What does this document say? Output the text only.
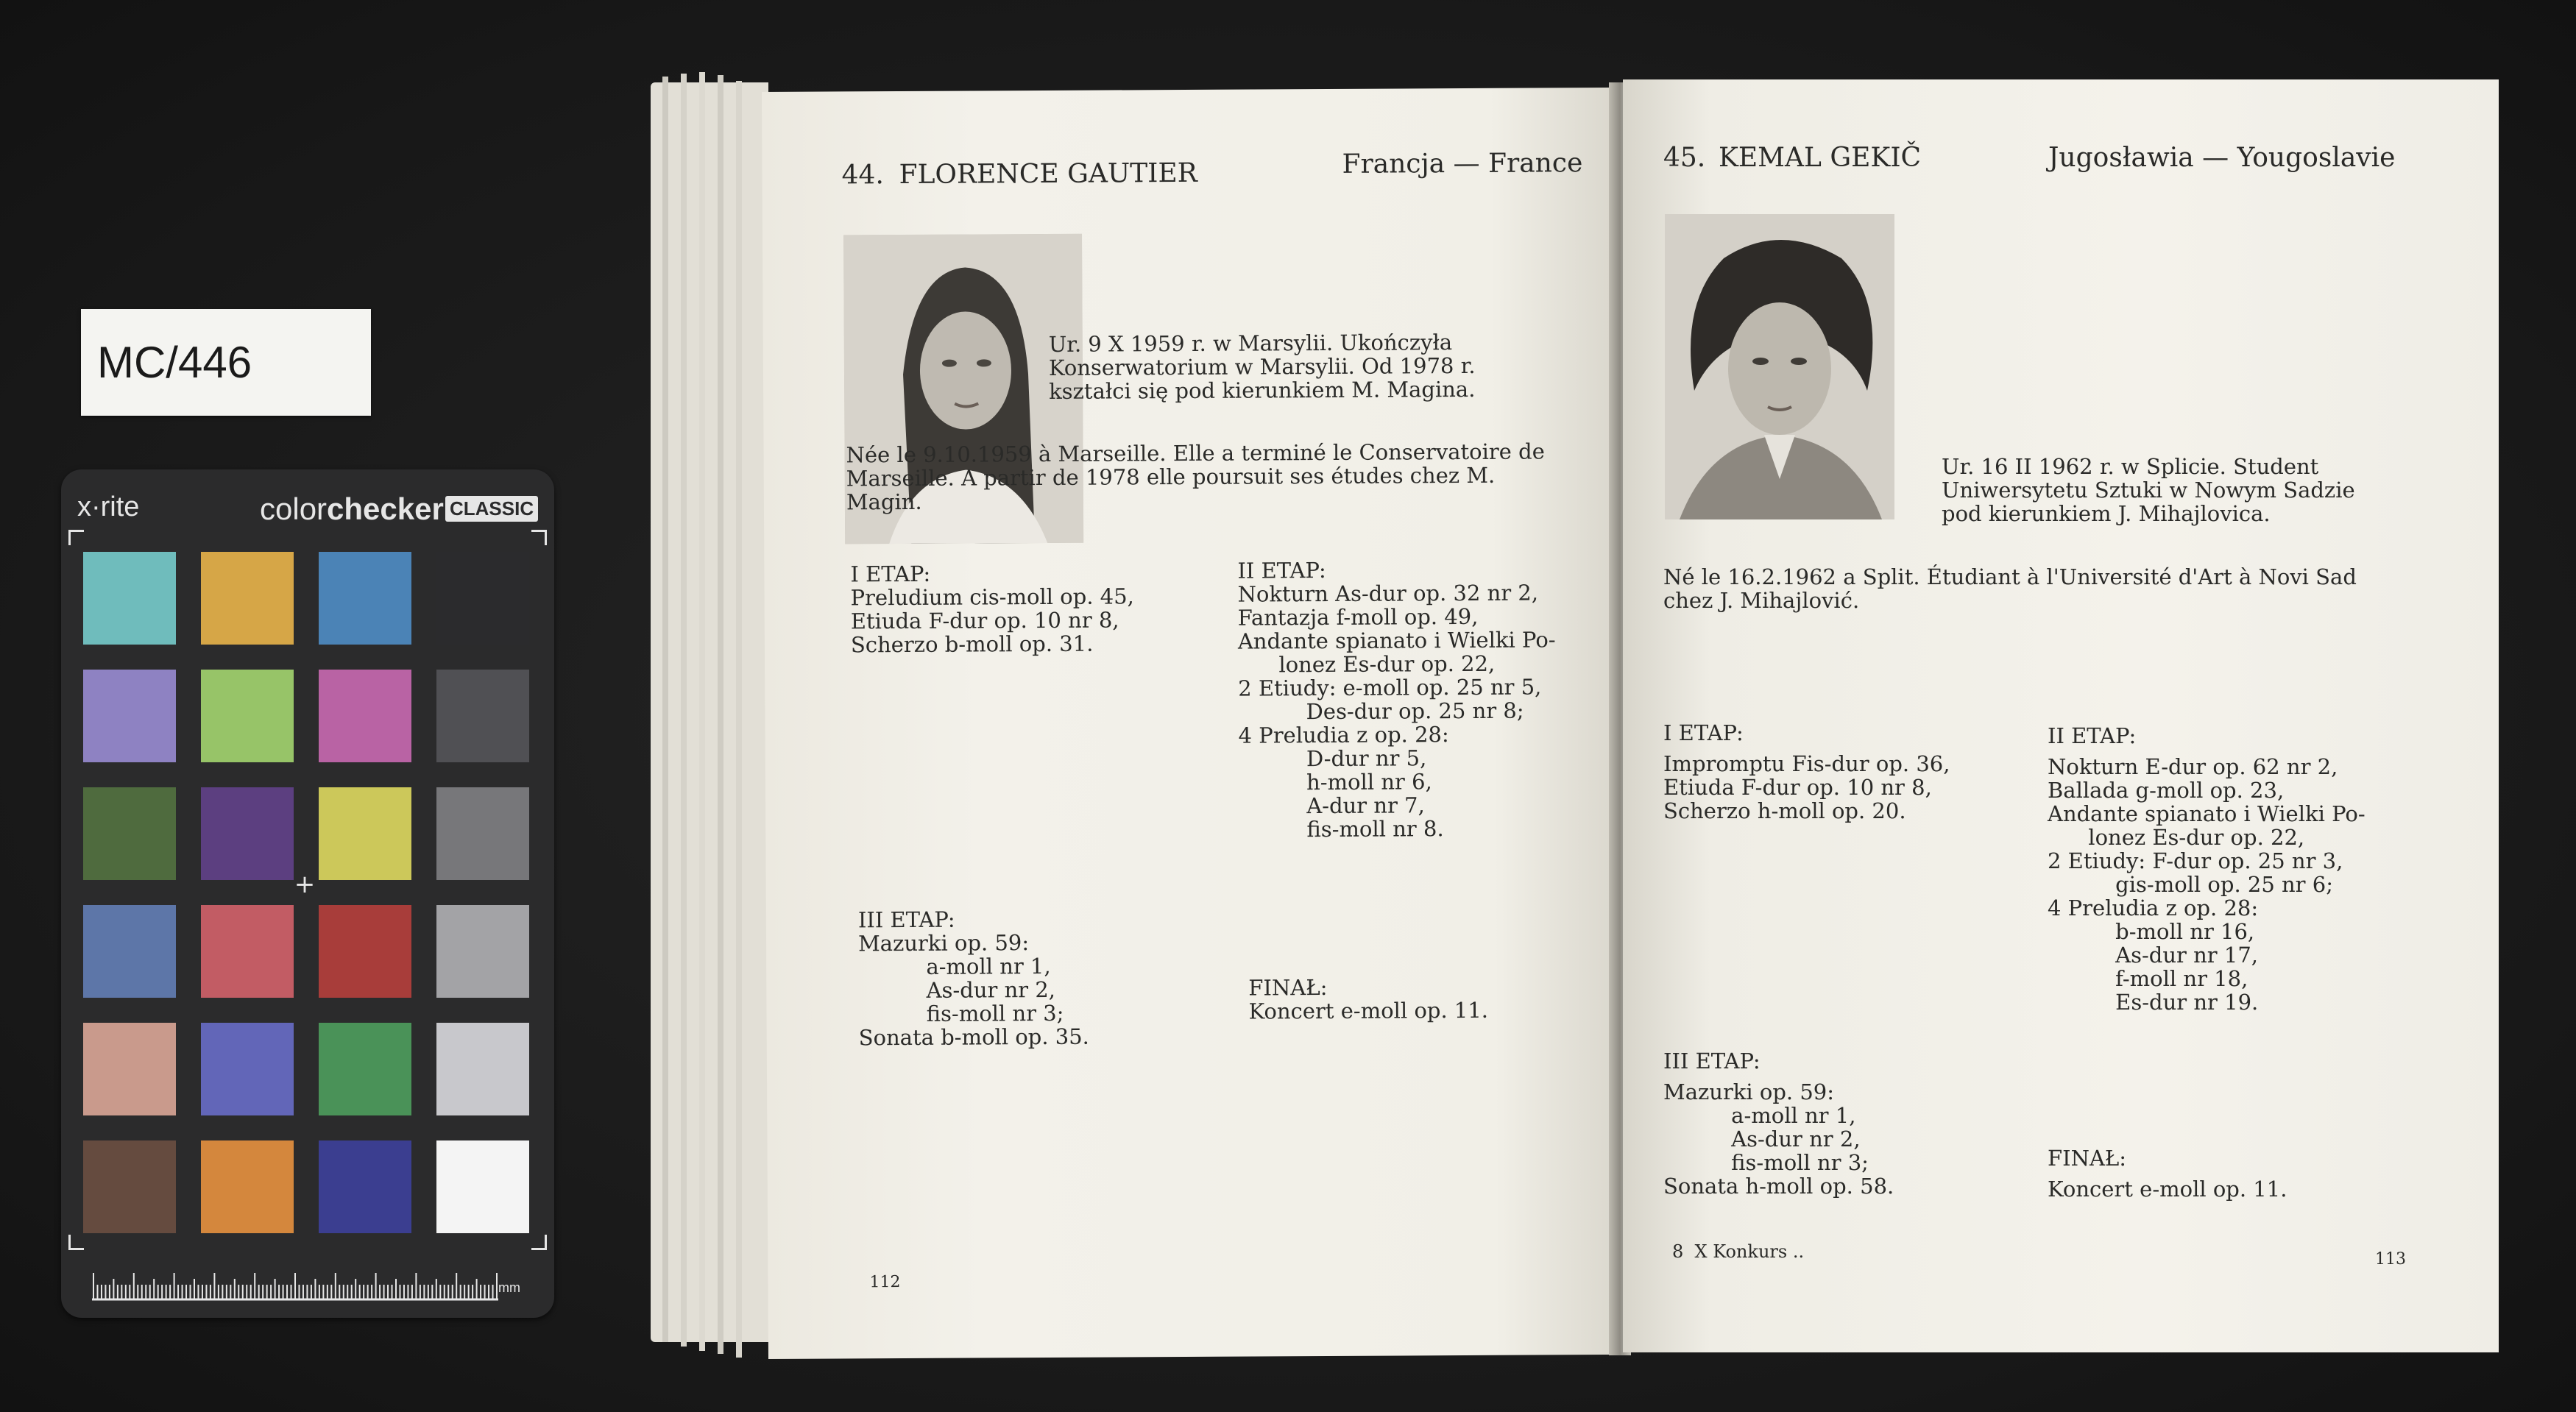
MC/446
x·rite	colorchecker CLASSIC
+
mm
44. FLORENCE GAUTIER	Francja — France
Ur. 9 X 1959 r. w Marsylii. Ukończyła
Konserwatorium w Marsylii. Od 1978 r.
kształci się pod kierunkiem M. Magina.
Née le 9.10.1959 à Marseille. Elle a terminé le Conservatoire de
Marseille. A partir de 1978 elle poursuit ses études chez M.
Magin.
I ETAP:
Preludium cis-moll op. 45,
Etiuda F-dur op. 10 nr 8,
Scherzo b-moll op. 31.
II ETAP:
Nokturn As-dur op. 32 nr 2,
Fantazja f-moll op. 49,
Andante spianato i Wielki Po-
lonez Es-dur op. 22,
2 Etiudy: e-moll op. 25 nr 5,
Des-dur op. 25 nr 8;
4 Preludia z op. 28:
D-dur nr 5,
h-moll nr 6,
A-dur nr 7,
fis-moll nr 8.
III ETAP:
Mazurki op. 59:
a-moll nr 1,
As-dur nr 2,
fis-moll nr 3;
Sonata b-moll op. 35.
FINAŁ:
Koncert e-moll op. 11.
112
45. KEMAL GEKIČ	Jugosławia — Yougoslavie
Ur. 16 II 1962 r. w Splicie. Student
Uniwersytetu Sztuki w Nowym Sadzie
pod kierunkiem J. Mihajlovica.
Né le 16.2.1962 a Split. Étudiant à l'Université d'Art à Novi Sad
chez J. Mihajlović.
I ETAP:
Impromptu Fis-dur op. 36,
Etiuda F-dur op. 10 nr 8,
Scherzo h-moll op. 20.
II ETAP:
Nokturn E-dur op. 62 nr 2,
Ballada g-moll op. 23,
Andante spianato i Wielki Po-
lonez Es-dur op. 22,
2 Etiudy: F-dur op. 25 nr 3,
gis-moll op. 25 nr 6;
4 Preludia z op. 28:
b-moll nr 16,
As-dur nr 17,
f-moll nr 18,
Es-dur nr 19.
III ETAP:
Mazurki op. 59:
a-moll nr 1,
As-dur nr 2,
fis-moll nr 3;
Sonata h-moll op. 58.
FINAŁ:
Koncert e-moll op. 11.
8  X Konkurs ..	113
